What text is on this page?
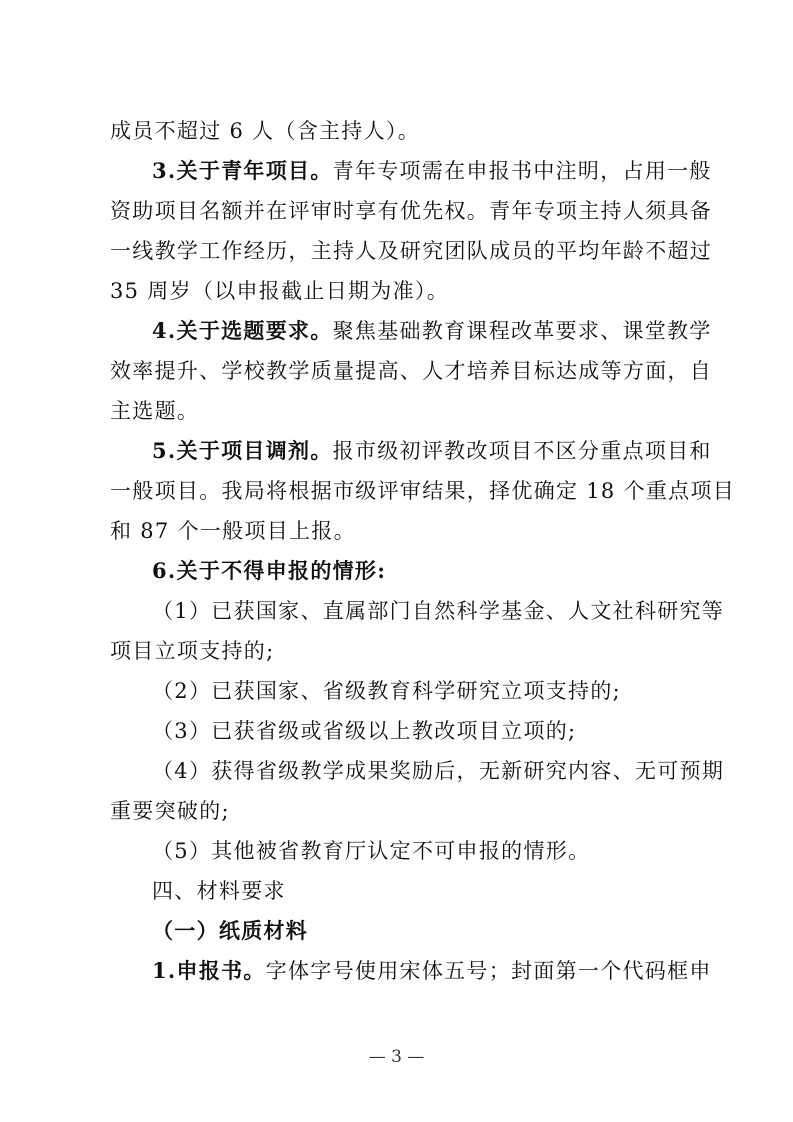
成员不超过 6 人（含主持人）。
3.关于青年项目。青年专项需在申报书中注明，占用一般
资助项目名额并在评审时享有优先权。青年专项主持人须具备
一线教学工作经历，主持人及研究团队成员的平均年龄不超过
35 周岁（以申报截止日期为准）。
4.关于选题要求。聚焦基础教育课程改革要求、课堂教学
效率提升、学校教学质量提高、人才培养目标达成等方面，自
主选题。
5.关于项目调剂。报市级初评教改项目不区分重点项目和
一般项目。我局将根据市级评审结果，择优确定 18 个重点项目
和 87 个一般项目上报。
6.关于不得申报的情形:
（1）已获国家、直属部门自然科学基金、人文社科研究等
项目立项支持的;
（2）已获国家、省级教育科学研究立项支持的;
（3）已获省级或省级以上教改项目立项的;
（4）获得省级教学成果奖励后，无新研究内容、无可预期
重要突破的;
（5）其他被省教育厅认定不可申报的情形。
四、材料要求
（一）纸质材料
1.申报书。字体字号使用宋体五号；封面第一个代码框申
— 3 —
